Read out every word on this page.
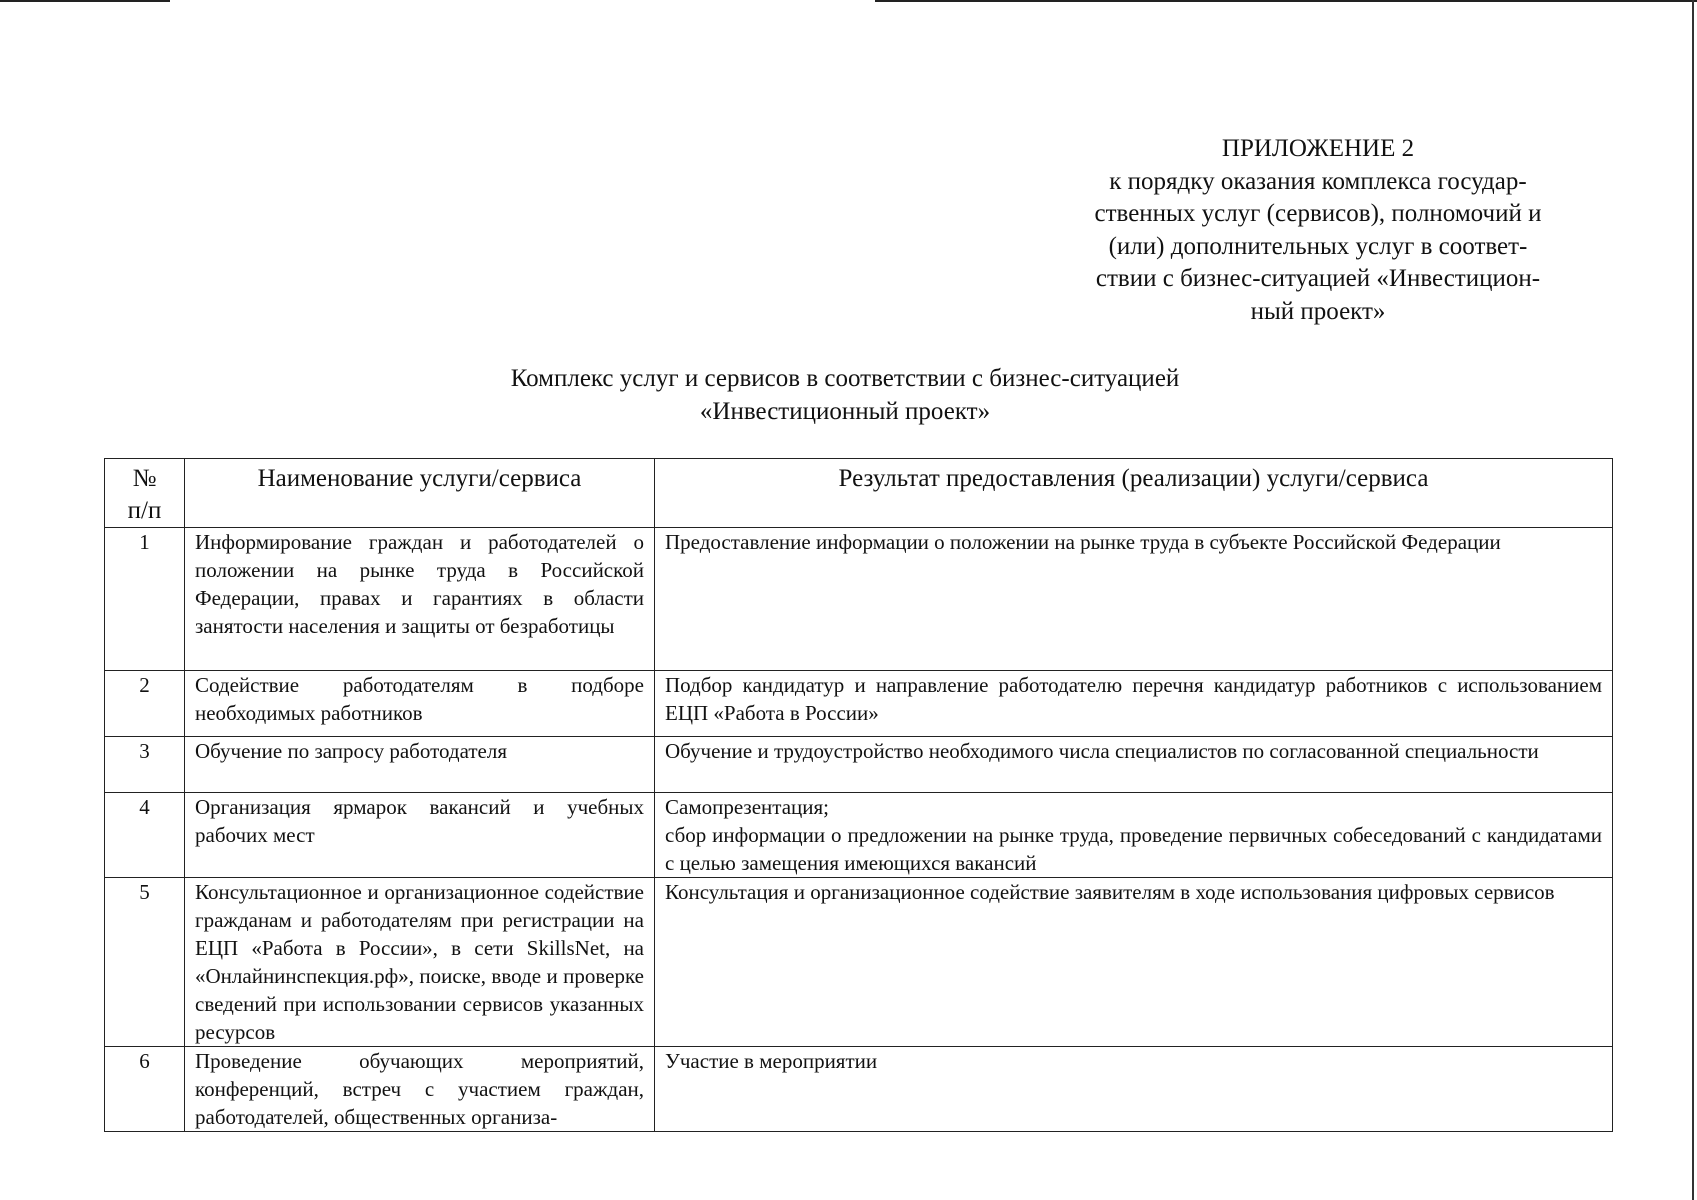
ПРИЛОЖЕНИЕ 2
к порядку оказания комплекса государ-
ственных услуг (сервисов), полномочий и
(или) дополнительных услуг в соответ-
ствии с бизнес-ситуацией «Инвестицион-
ный проект»
Комплекс услуг и сервисов в соответствии с бизнес-ситуацией
«Инвестиционный проект»
№
п/п	Наименование услуги/сервиса	Результат предоставления (реализации) услуги/сервиса
1	Информирование граждан и работодателей о положении на рынке труда в Российской Федерации, правах и гарантиях в области занятости населения и защиты от безработицы	Предоставление информации о положении на рынке труда в субъекте Российской Федерации

2	Содействие работодателям в подборе необходимых работников	Подбор кандидатур и направление работодателю перечня кандидатур работников с использованием ЕЦП «Работа в России»

3	Обучение по запросу работодателя	Обучение и трудоустройство необходимого числа специалистов по согласованной специальности

4	Организация ярмарок вакансий и учебных рабочих мест	Самопрезентация;
сбор информации о предложении на рынке труда, проведение первичных собеседований с кандидатами с целью замещения имеющихся вакансий

5	Консультационное и организационное содействие гражданам и работодателям при регистрации на ЕЦП «Работа в России», в сети SkillsNet, на «Онлайнинспекция.рф», поиске, вводе и проверке сведений при использовании сервисов указанных ресурсов	Консультация и организационное содействие заявителям в ходе использования цифровых сервисов

6	Проведение обучающих мероприятий, конференций, встреч с участием граждан, работодателей, общественных организа-	Участие в мероприятии
